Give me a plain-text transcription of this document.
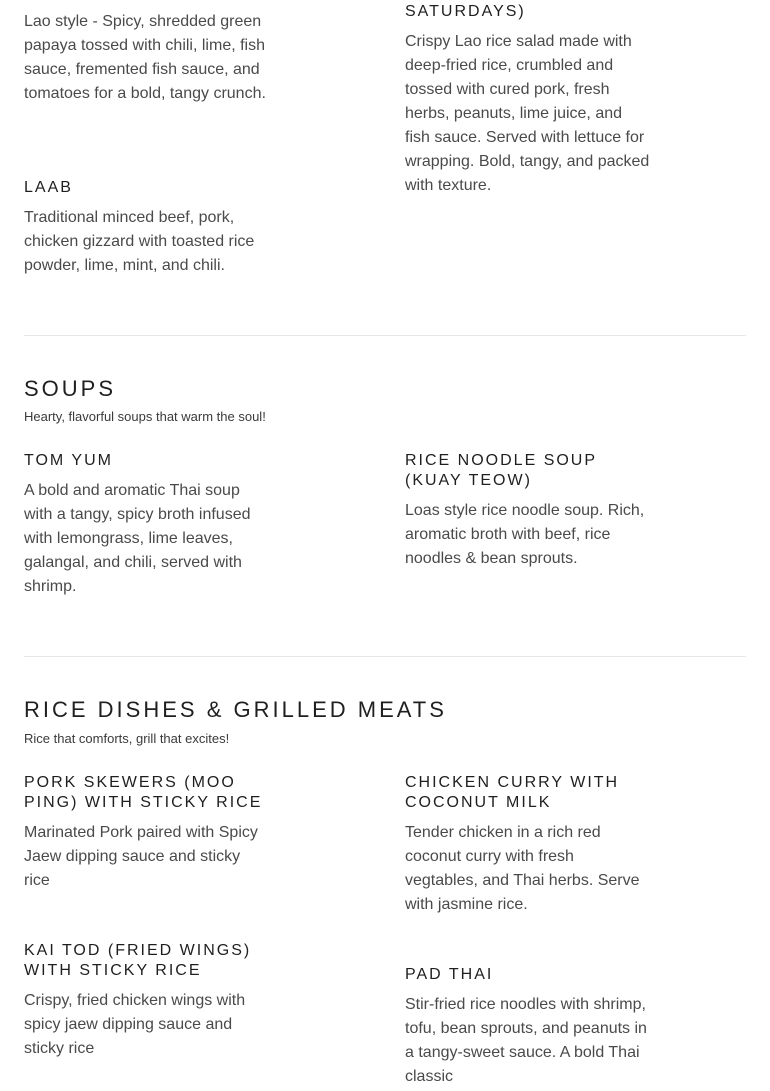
Lao style - Spicy, shredded green papaya tossed with chili, lime, fish sauce, fremented fish sauce, and tomatoes for a bold, tangy crunch.
SATURDAYS)
Crispy Lao rice salad made with deep-fried rice, crumbled and tossed with cured pork, fresh herbs, peanuts, lime juice, and fish sauce. Served with lettuce for wrapping. Bold, tangy, and packed with texture.
LAAB
Traditional minced beef, pork, chicken gizzard with toasted rice powder, lime, mint, and chili.
SOUPS
Hearty, flavorful soups that warm the soul!
TOM YUM
A bold and aromatic Thai soup with a tangy, spicy broth infused with lemongrass, lime leaves, galangal, and chili, served with shrimp.
RICE NOODLE SOUP (KUAY TEOW)
Loas style rice noodle soup. Rich, aromatic broth with beef, rice noodles & bean sprouts.
RICE DISHES & GRILLED MEATS
Rice that comforts, grill that excites!
PORK SKEWERS (MOO PING) WITH STICKY RICE
Marinated Pork paired with Spicy Jaew dipping sauce and sticky rice
CHICKEN CURRY WITH COCONUT MILK
Tender chicken in a rich red coconut curry with fresh vegtables, and Thai herbs. Serve with jasmine rice.
KAI TOD (FRIED WINGS) WITH STICKY RICE
Crispy, fried chicken wings with spicy jaew dipping sauce and sticky rice
PAD THAI
Stir-fried rice noodles with shrimp, tofu, bean sprouts, and peanuts in a tangy-sweet sauce. A bold Thai classic
